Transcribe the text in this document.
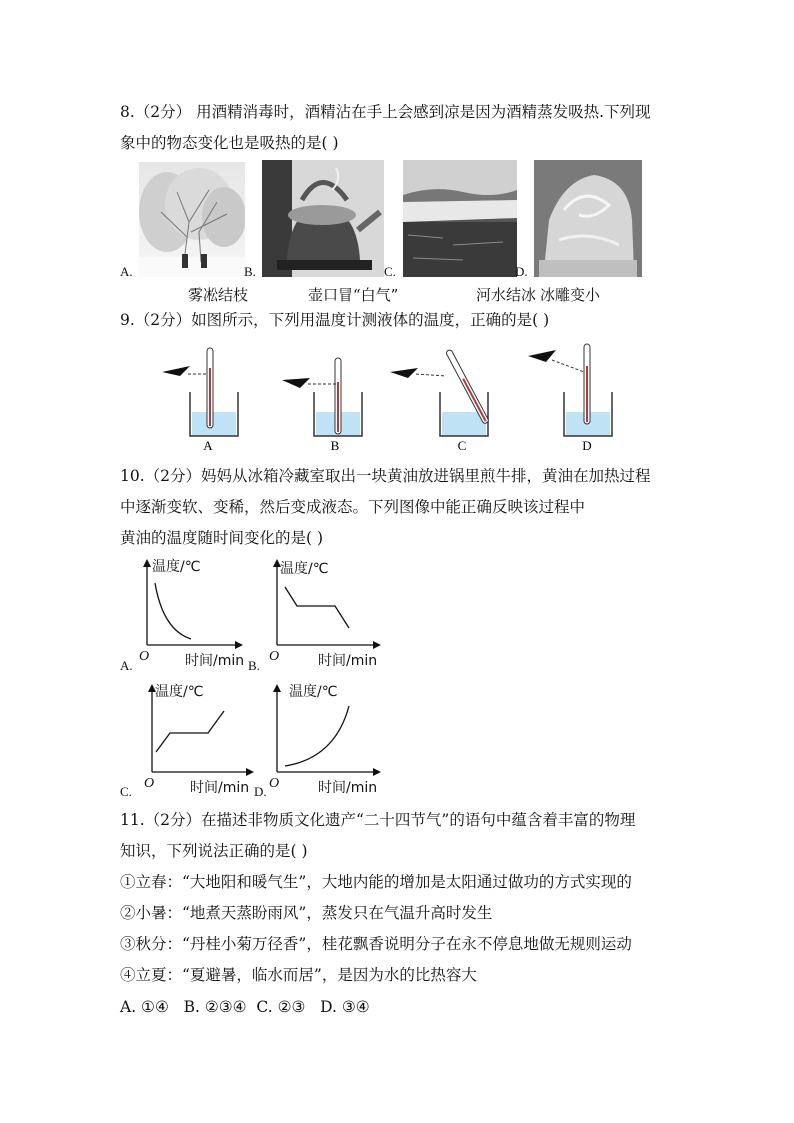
8.（2分） 用酒精消毒时，酒精沾在手上会感到凉是因为酒精蒸发吸热.下列现
象中的物态变化也是吸热的是( )
A.	B.	C.	D.
雾凇结枝	壶口冒“白气”	河水结冰 冰雕变小
9.（2分）如图所示，下列用温度计测液体的温度，正确的是( )
A	B	C	D
10.（2分）妈妈从冰箱冷藏室取出一块黄油放进锅里煎牛排，黄油在加热过程
中逐渐变软、变稀，然后变成液态。下列图像中能正确反映该过程中
黄油的温度随时间变化的是( )
温度/℃
O	时间/min
A.
温度/℃
O	时间/min
B.
温度/℃
O	时间/min
C.
温度/℃
O	时间/min
D.
11.（2分）在描述非物质文化遗产“二十四节气”的语句中蕴含着丰富的物理
知识，下列说法正确的是( )
①立春：“大地阳和暖气生”，大地内能的增加是太阳通过做功的方式实现的
②小暑：“地煮天蒸盼雨风”，蒸发只在气温升高时发生
③秋分：“丹桂小菊万径香”，桂花飘香说明分子在永不停息地做无规则运动
④立夏：“夏避暑，临水而居”，是因为水的比热容大
A. ①④   B. ②③④  C. ②③   D. ③④
